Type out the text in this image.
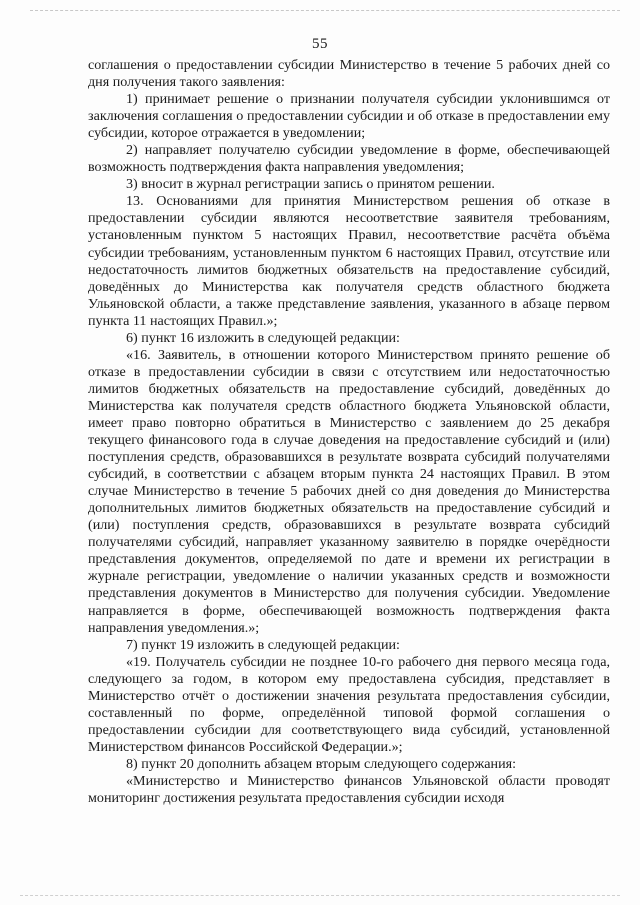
55

соглашения о предоставлении субсидии Министерство в течение 5 рабочих дней со дня получения такого заявления:

1) принимает решение о признании получателя субсидии уклонившимся от заключения соглашения о предоставлении субсидии и об отказе в предоставлении ему субсидии, которое отражается в уведомлении;

2) направляет получателю субсидии уведомление в форме, обеспечивающей возможность подтверждения факта направления уведомления;

3) вносит в журнал регистрации запись о принятом решении.

13. Основаниями для принятия Министерством решения об отказе в предоставлении субсидии являются несоответствие заявителя требованиям, установленным пунктом 5 настоящих Правил, несоответствие расчёта объёма субсидии требованиям, установленным пунктом 6 настоящих Правил, отсутствие или недостаточность лимитов бюджетных обязательств на предоставление субсидий, доведённых до Министерства как получателя средств областного бюджета Ульяновской области, а также представление заявления, указанного в абзаце первом пункта 11 настоящих Правил.»;

6) пункт 16 изложить в следующей редакции:

«16. Заявитель, в отношении которого Министерством принято решение об отказе в предоставлении субсидии в связи с отсутствием или недостаточностью лимитов бюджетных обязательств на предоставление субсидий, доведённых до Министерства как получателя средств областного бюджета Ульяновской области, имеет право повторно обратиться в Министерство с заявлением до 25 декабря текущего финансового года в случае доведения на предоставление субсидий и (или) поступления средств, образовавшихся в результате возврата субсидий получателями субсидий, в соответствии с абзацем вторым пункта 24 настоящих Правил. В этом случае Министерство в течение 5 рабочих дней со дня доведения до Министерства дополнительных лимитов бюджетных обязательств на предоставление субсидий и (или) поступления средств, образовавшихся в результате возврата субсидий получателями субсидий, направляет указанному заявителю в порядке очерёдности представления документов, определяемой по дате и времени их регистрации в журнале регистрации, уведомление о наличии указанных средств и возможности представления документов в Министерство для получения субсидии. Уведомление направляется в форме, обеспечивающей возможность подтверждения факта направления уведомления.»;

7) пункт 19 изложить в следующей редакции:

«19. Получатель субсидии не позднее 10-го рабочего дня первого месяца года, следующего за годом, в котором ему предоставлена субсидия, представляет в Министерство отчёт о достижении значения результата предоставления субсидии, составленный по форме, определённой типовой формой соглашения о предоставлении субсидии для соответствующего вида субсидий, установленной Министерством финансов Российской Федерации.»;

8) пункт 20 дополнить абзацем вторым следующего содержания:

«Министерство и Министерство финансов Ульяновской области проводят мониторинг достижения результата предоставления субсидии исходя
